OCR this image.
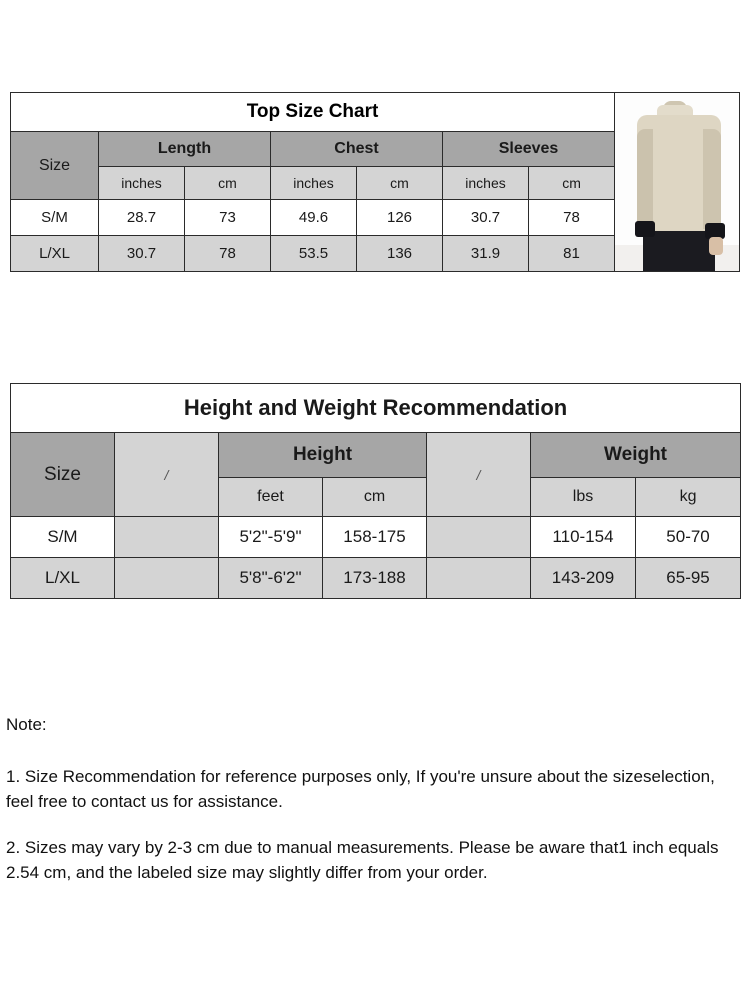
Top Size Chart						
Size	Length		Chest		Sleeves	
	inches	cm	inches	cm	inches	cm
S/M	28.7	73	49.6	126	30.7	78
L/XL	30.7	78	53.5	136	31.9	81
Height and Weight Recommendation						
Size	/	Height		/	Weight	
		feet	cm		lbs	kg
S/M		5'2"-5'9"	158-175		110-154	50-70
L/XL		5'8"-6'2"	173-188		143-209	65-95

Note:

1. Size Recommendation for reference purposes only, If you're unsure about the sizeselection, feel free to contact us for assistance.

2. Sizes may vary by 2-3 cm due to manual measurements. Please be aware that1 inch equals 2.54 cm, and the labeled size may slightly differ from your order.
